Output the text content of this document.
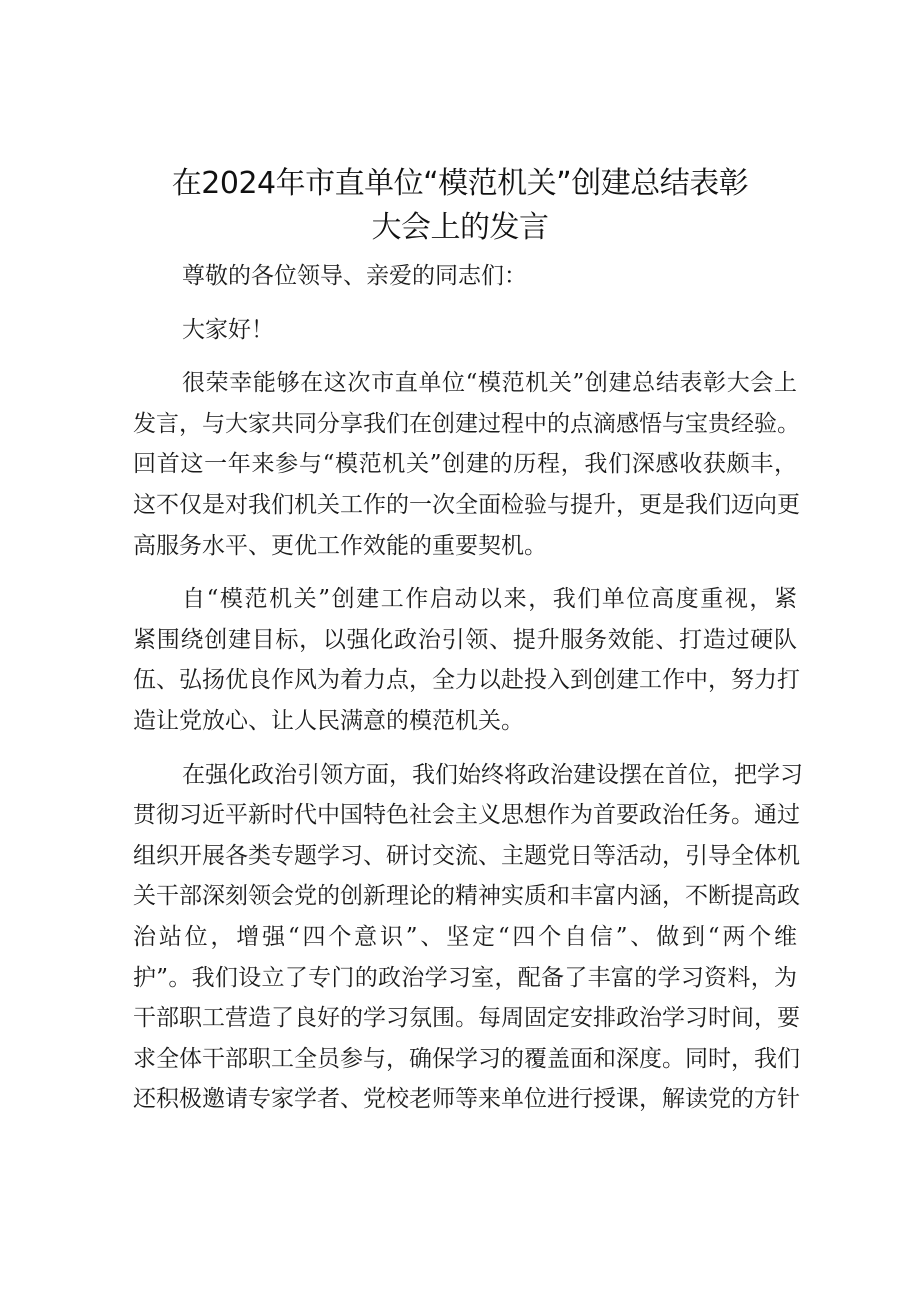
在2024年市直单位“模范机关”创建总结表彰
大会上的发言
尊敬的各位领导、亲爱的同志们：
大家好！
很荣幸能够在这次市直单位“模范机关”创建总结表彰大会上
发言，与大家共同分享我们在创建过程中的点滴感悟与宝贵经验。
回首这一年来参与“模范机关”创建的历程，我们深感收获颇丰，
这不仅是对我们机关工作的一次全面检验与提升，更是我们迈向更
高服务水平、更优工作效能的重要契机。
自“模范机关”创建工作启动以来，我们单位高度重视，紧
紧围绕创建目标，以强化政治引领、提升服务效能、打造过硬队
伍、弘扬优良作风为着力点，全力以赴投入到创建工作中，努力打
造让党放心、让人民满意的模范机关。
在强化政治引领方面，我们始终将政治建设摆在首位，把学习
贯彻习近平新时代中国特色社会主义思想作为首要政治任务。通过
组织开展各类专题学习、研讨交流、主题党日等活动，引导全体机
关干部深刻领会党的创新理论的精神实质和丰富内涵，不断提高政
治站位，增强“四个意识”、坚定“四个自信”、做到“两个维
护”。我们设立了专门的政治学习室，配备了丰富的学习资料，为
干部职工营造了良好的学习氛围。每周固定安排政治学习时间，要
求全体干部职工全员参与，确保学习的覆盖面和深度。同时，我们
还积极邀请专家学者、党校老师等来单位进行授课，解读党的方针
